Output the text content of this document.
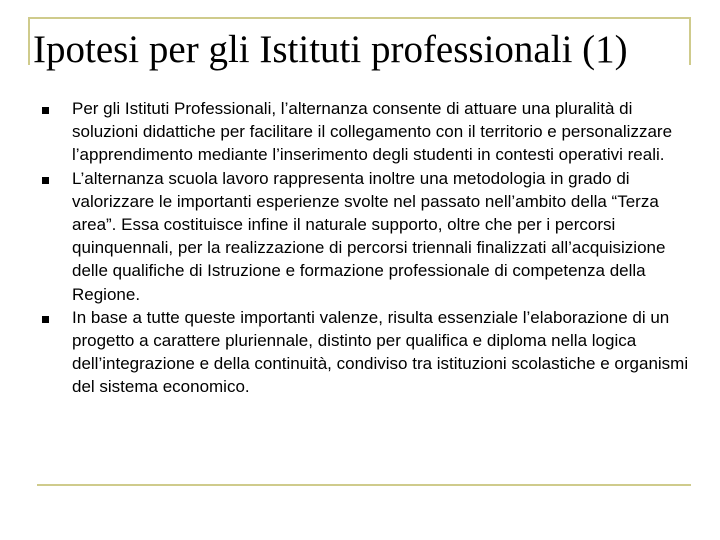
Ipotesi per gli Istituti professionali (1)
Per gli Istituti Professionali, l’alternanza consente di attuare una pluralità di soluzioni didattiche per facilitare il collegamento con il territorio e personalizzare l’apprendimento mediante l’inserimento degli studenti in contesti operativi reali.
L’alternanza scuola lavoro rappresenta inoltre una metodologia in grado di valorizzare le importanti esperienze svolte nel passato nell’ambito della “Terza area”. Essa costituisce infine il naturale supporto, oltre che per i percorsi quinquennali, per la realizzazione di percorsi triennali finalizzati all’acquisizione delle qualifiche di Istruzione e formazione professionale di competenza della Regione.
In base a tutte queste importanti valenze, risulta essenziale l’elaborazione di un progetto a carattere pluriennale, distinto per qualifica e diploma nella logica dell’integrazione e della continuità, condiviso tra istituzioni scolastiche e organismi del sistema economico.
